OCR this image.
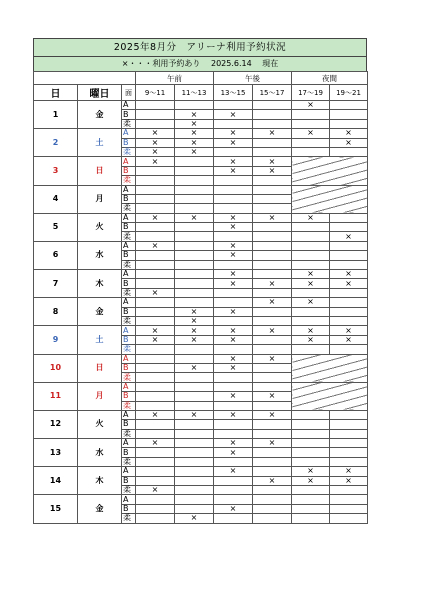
2025年8月分　アリーナ利用予約状況
×・・・利用予約あり 2025.6.14 現在
			午前		午後		夜間	
日	曜日	面	9～11	11～13	13～15	15～17	17～19	19～21
1	金	A					×	
		B		×	×			
		柔		×				
2	土	A	×	×	×	×	×	×
		B	×	×	×			×
		柔	×	×				
3	日	A	×		×	×		
		B			×	×		
		柔						
4	月	A						
		B						
		柔						
5	火	A	×	×	×	×	×	
		B			×			
		柔						×
6	水	A	×		×			
		B			×			
		柔						
7	木	A			×		×	×
		B			×	×	×	×
		柔	×					
8	金	A				×	×	
		B		×	×			
		柔		×				
9	土	A	×	×	×	×	×	×
		B	×	×	×		×	×
		柔						
10	日	A			×	×		
		B		×	×			
		柔						
11	月	A						
		B			×	×		
		柔						
12	火	A	×	×	×	×		
		B						
		柔						
13	水	A	×		×	×		
		B			×			
		柔						
14	木	A			×		×	×
		B				×	×	×
		柔	×					
15	金	A						
		B			×			
		柔		×				
